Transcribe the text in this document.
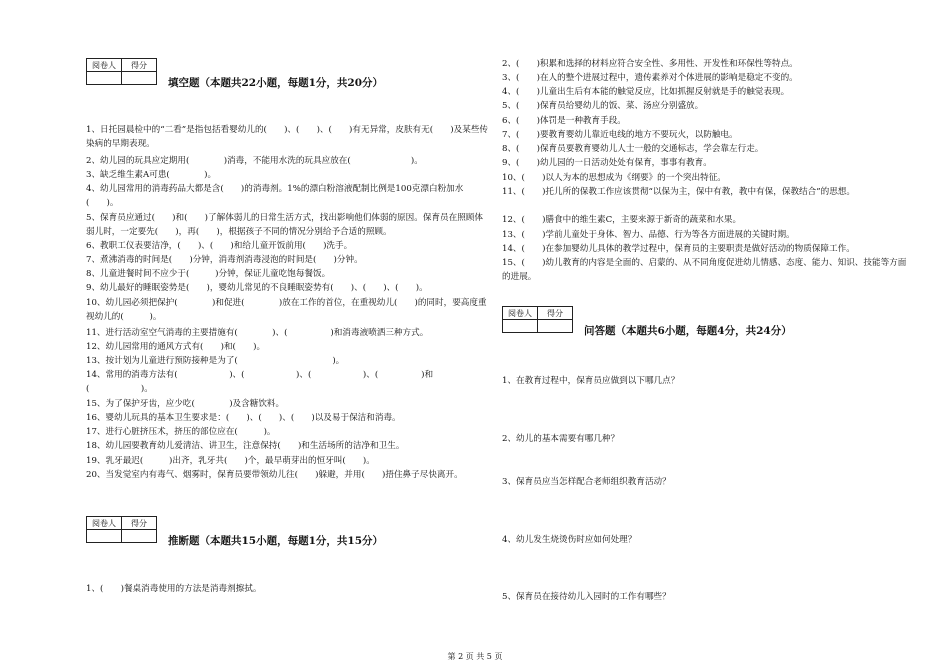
阅卷人	得分

填空题（本题共22小题，每题1分，共20分）
1、日托园晨检中的“二看”是指包括看婴幼儿的(　　)、(　　)、(　　)有无异常，皮肤有无(　　)及某些传染病的早期表现。
2、幼儿园的玩具应定期用(　　　　)消毒，不能用水洗的玩具应放在(　　　　　　　)。
3、缺乏维生素A可患(　　　　)。
4、幼儿园常用的消毒药品大都是含(　　)的消毒剂。1%的漂白粉溶液配制比例是100克漂白粉加水(　　)。
5、保育员应通过(　　)和(　　)了解体弱儿的日常生活方式，找出影响他们体弱的原因。保育员在照顾体弱儿时，一定要先(　　)，再(　　)，根据孩子不同的情况分别给予合适的照顾。
6、教职工仪表要洁净，(　　)、(　　)和给儿童开饭前用(　　)洗手。
7、煮沸消毒的时间是(　　)分钟，消毒剂消毒浸泡的时间是(　　)分钟。
8、儿童进餐时间不应少于(　　　)分钟，保证儿童吃饱每餐饭。
9、幼儿最好的睡眠姿势是(　　)，婴幼儿常见的不良睡眠姿势有(　　)、(　　)、(　　)。
10、幼儿园必须把保护(　　　　)和促进(　　　　)放在工作的首位，在重视幼儿(　　)的同时，要高度重视幼儿的(　　　)。
11、进行活动室空气消毒的主要措施有(　　　　)、(　　　　　)和消毒液喷洒三种方式。
12、幼儿园常用的通风方式有(　　)和(　　)。
13、按计划为儿童进行预防接种是为了(　　　　　　　　　　　)。
14、常用的消毒方法有(　　　　　　)、(　　　　　　)、(　　　　　　)、(　　　　　)和(　　　　　　)。
15、为了保护牙齿，应少吃(　　　　)及含糖饮料。
16、婴幼儿玩具的基本卫生要求是：(　　)、(　　)、(　　)以及易于保洁和消毒。
17、进行心脏挤压术，挤压的部位应在(　　　)。
18、幼儿园要教育幼儿爱清洁、讲卫生，注意保持(　　)和生活场所的洁净和卫生。
19、乳牙最迟(　　　)出齐，乳牙共(　　)个，最早萌芽出的恒牙叫(　　)。
20、当发觉室内有毒气、烟雾时，保育员要带领幼儿往(　　)躲避，并用(　　)捂住鼻子尽快离开。
阅卷人	得分

推断题（本题共15小题，每题1分，共15分）
1、(　　)餐桌消毒使用的方法是消毒剂擦拭。
2、(　　)积累和选择的材料应符合安全性、多用性、开发性和环保性等特点。
3、(　　)在人的整个进展过程中，遗传素养对个体进展的影响是稳定不变的。
4、(　　)儿童出生后有本能的触觉反应，比如抓握反射就是手的触觉表现。
5、(　　)保育员给婴幼儿的饭、菜、汤应分别盛放。
6、(　　)体罚是一种教育手段。
7、(　　)要教育婴幼儿靠近电线的地方不要玩火，以防触电。
8、(　　)保育员要教育婴幼儿人士一般的交通标志，学会靠左行走。
9、(　　)幼儿园的一日活动处处有保育，事事有教育。
10、(　　)以人为本的思想成为《纲要》的一个突出特征。
11、(　　)托儿所的保教工作应该贯彻“以保为主，保中有教，教中有保，保教结合”的思想。
12、(　　)膳食中的维生素C，主要来源于新奇的蔬菜和水果。
13、(　　)学前儿童处于身体、智力、品德、行为等各方面进展的关键时期。
14、(　　)在参加婴幼儿具体的教学过程中，保育员的主要职责是做好活动的物质保障工作。
15、(　　)幼儿教育的内容是全面的、启蒙的、从不同角度促进幼儿情感、态度、能力、知识、技能等方面的进展。
阅卷人	得分

问答题（本题共6小题，每题4分，共24分）
1、在教育过程中，保育员应做到以下哪几点？
2、幼儿的基本需要有哪几种？
3、保育员应当怎样配合老师组织教育活动？
4、幼儿发生烧烫伤时应如何处理？
5、保育员在接待幼儿入园时的工作有哪些？
第 2 页 共 5 页
